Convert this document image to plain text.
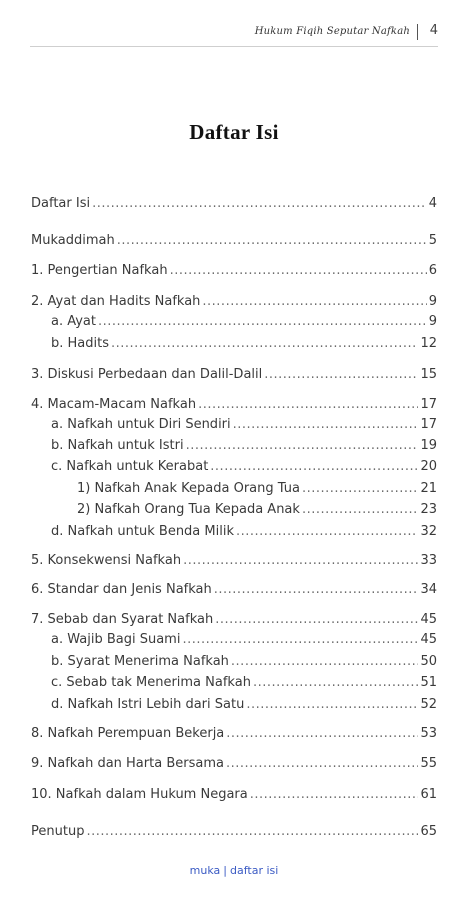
Hukum Fiqih Seputar Nafkah 4
Daftar Isi
Daftar Isi .....	4
Mukaddimah .....	5
1. Pengertian Nafkah .....	6
2. Ayat dan Hadits Nafkah .....	9
a. Ayat .....	9
b. Hadits .....	12
3. Diskusi Perbedaan dan Dalil-Dalil .....	15
4. Macam-Macam Nafkah .....	17
a. Nafkah untuk Diri Sendiri .....	17
b. Nafkah untuk Istri .....	19
c. Nafkah untuk Kerabat .....	20
1) Nafkah Anak Kepada Orang Tua .....	21
2) Nafkah Orang Tua Kepada Anak .....	23
d. Nafkah untuk Benda Milik .....	32
5. Konsekwensi Nafkah .....	33
6. Standar dan Jenis Nafkah .....	34
7. Sebab dan Syarat Nafkah .....	45
a. Wajib Bagi Suami .....	45
b. Syarat Menerima Nafkah .....	50
c. Sebab tak Menerima Nafkah .....	51
d. Nafkah Istri Lebih dari Satu .....	52
8. Nafkah Perempuan Bekerja .....	53
9. Nafkah dan Harta Bersama .....	55
10. Nafkah dalam Hukum Negara .....	61
Penutup .....	65
muka | daftar isi
